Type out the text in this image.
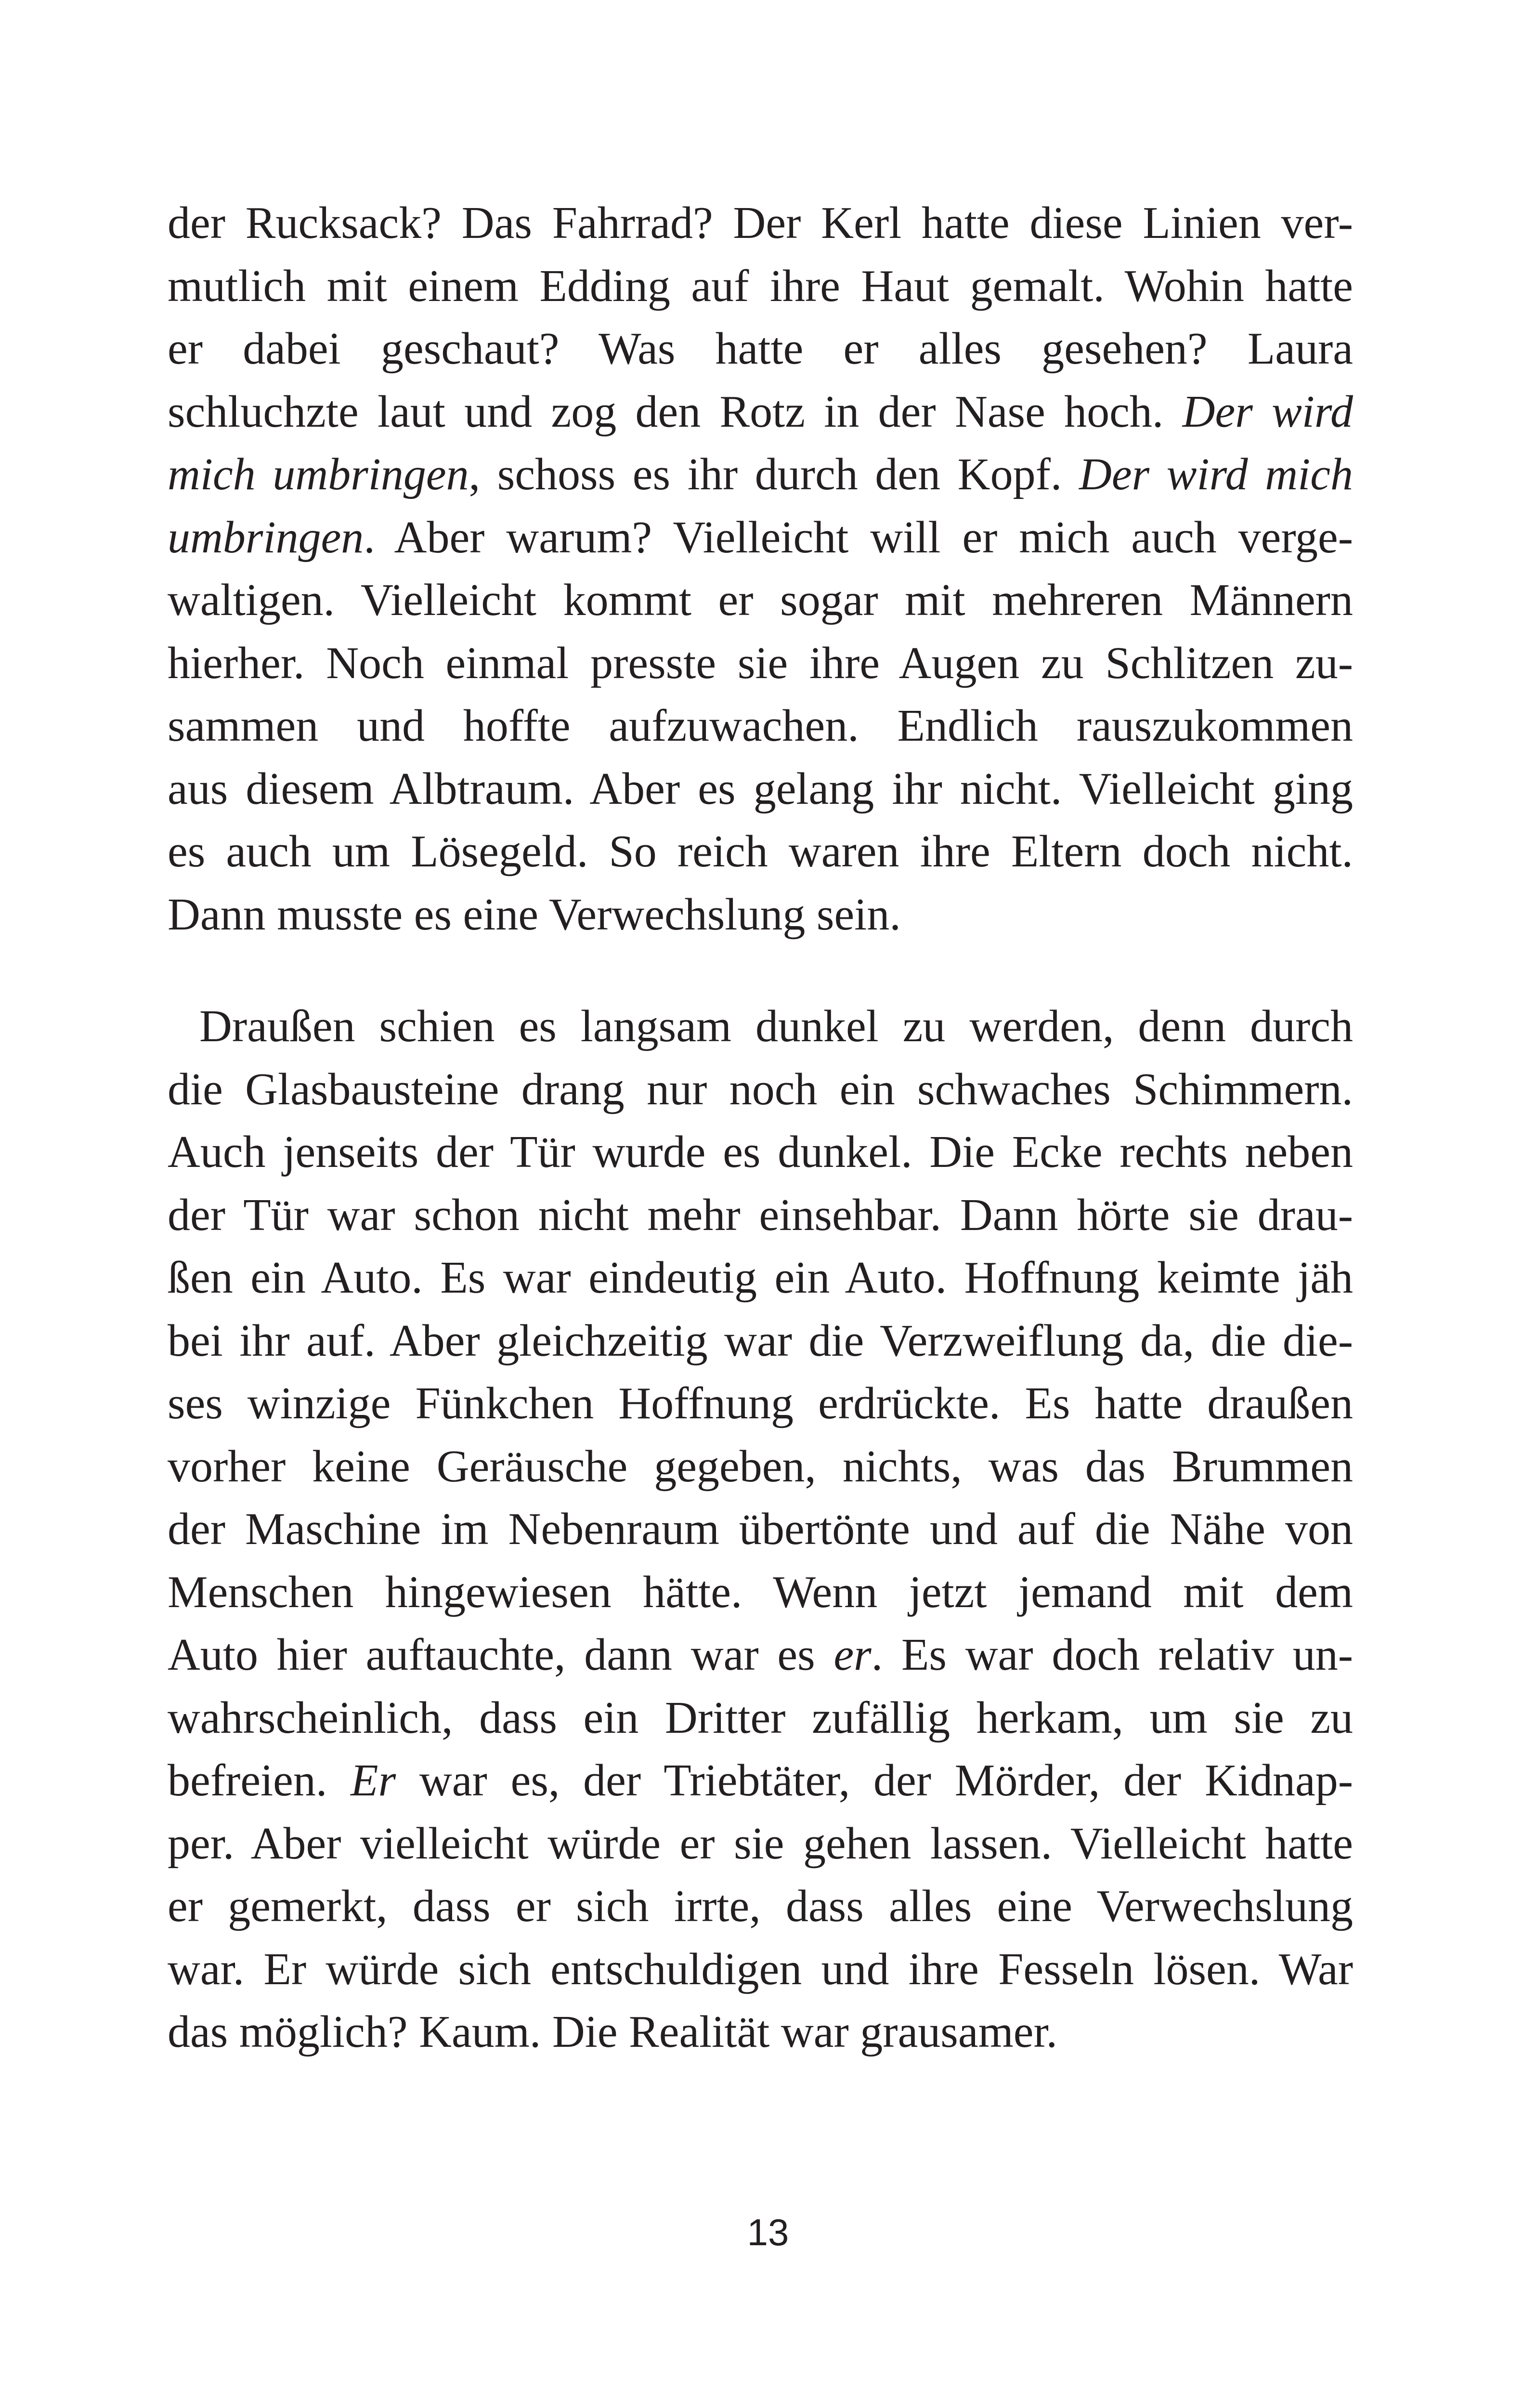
der Rucksack? Das Fahrrad? Der Kerl hatte diese Linien ver-
mutlich mit einem Edding auf ihre Haut gemalt. Wohin hatte
er dabei geschaut? Was hatte er alles gesehen? Laura
schluchzte laut und zog den Rotz in der Nase hoch. Der wird
mich umbringen, schoss es ihr durch den Kopf. Der wird mich
umbringen. Aber warum? Vielleicht will er mich auch verge-
waltigen. Vielleicht kommt er sogar mit mehreren Männern
hierher. Noch einmal presste sie ihre Augen zu Schlitzen zu-
sammen und hoffte aufzuwachen. Endlich rauszukommen
aus diesem Albtraum. Aber es gelang ihr nicht. Vielleicht ging
es auch um Lösegeld. So reich waren ihre Eltern doch nicht.
Dann musste es eine Verwechslung sein.
Draußen schien es langsam dunkel zu werden, denn durch
die Glasbausteine drang nur noch ein schwaches Schimmern.
Auch jenseits der Tür wurde es dunkel. Die Ecke rechts neben
der Tür war schon nicht mehr einsehbar. Dann hörte sie drau-
ßen ein Auto. Es war eindeutig ein Auto. Hoffnung keimte jäh
bei ihr auf. Aber gleichzeitig war die Verzweiflung da, die die-
ses winzige Fünkchen Hoffnung erdrückte. Es hatte draußen
vorher keine Geräusche gegeben, nichts, was das Brummen
der Maschine im Nebenraum übertönte und auf die Nähe von
Menschen hingewiesen hätte. Wenn jetzt jemand mit dem
Auto hier auftauchte, dann war es er. Es war doch relativ un-
wahrscheinlich, dass ein Dritter zufällig herkam, um sie zu
befreien. Er war es, der Triebtäter, der Mörder, der Kidnap-
per. Aber vielleicht würde er sie gehen lassen. Vielleicht hatte
er gemerkt, dass er sich irrte, dass alles eine Verwechslung
war. Er würde sich entschuldigen und ihre Fesseln lösen. War
das möglich? Kaum. Die Realität war grausamer.
13
